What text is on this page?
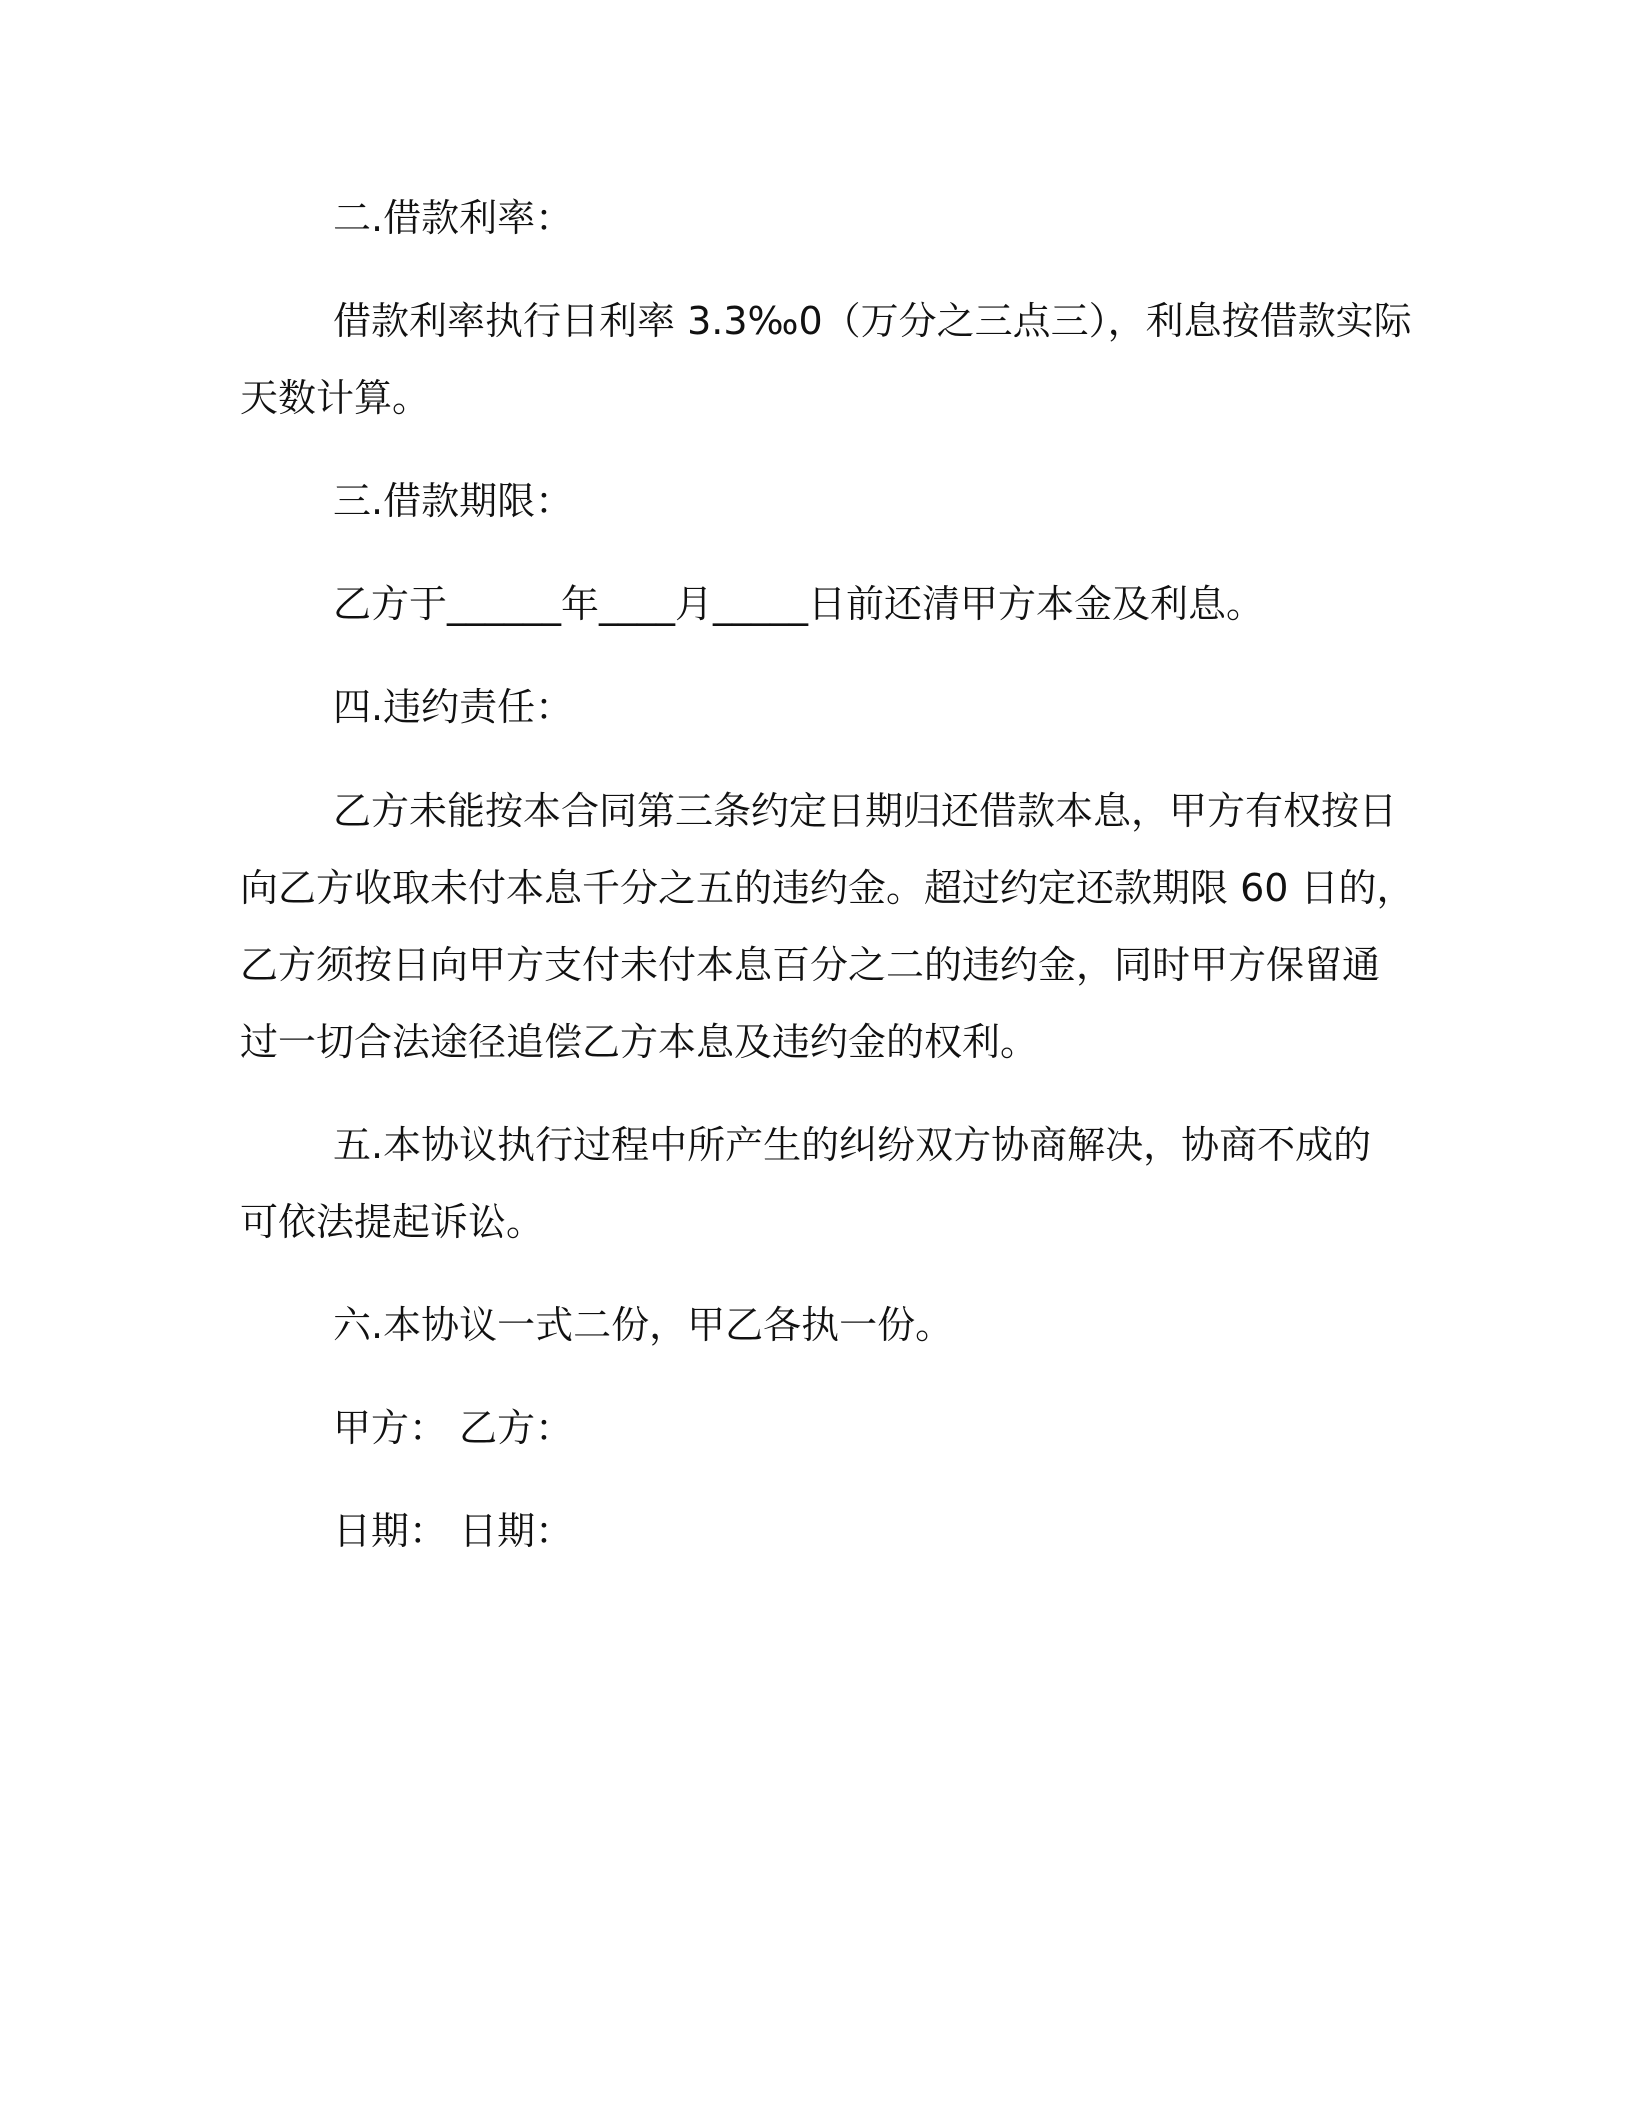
二.借款利率：
借款利率执行日利率 3.3‰0（万分之三点三），利息按借款实际
天数计算。
三.借款期限：
乙方于______年____月_____日前还清甲方本金及利息。
四.违约责任：
乙方未能按本合同第三条约定日期归还借款本息，甲方有权按日
向乙方收取未付本息千分之五的违约金。超过约定还款期限 60 日的，
乙方须按日向甲方支付未付本息百分之二的违约金，同时甲方保留通
过一切合法途径追偿乙方本息及违约金的权利。
五.本协议执行过程中所产生的纠纷双方协商解决，协商不成的
可依法提起诉讼。
六.本协议一式二份，甲乙各执一份。
甲方： 乙方：
日期： 日期：
